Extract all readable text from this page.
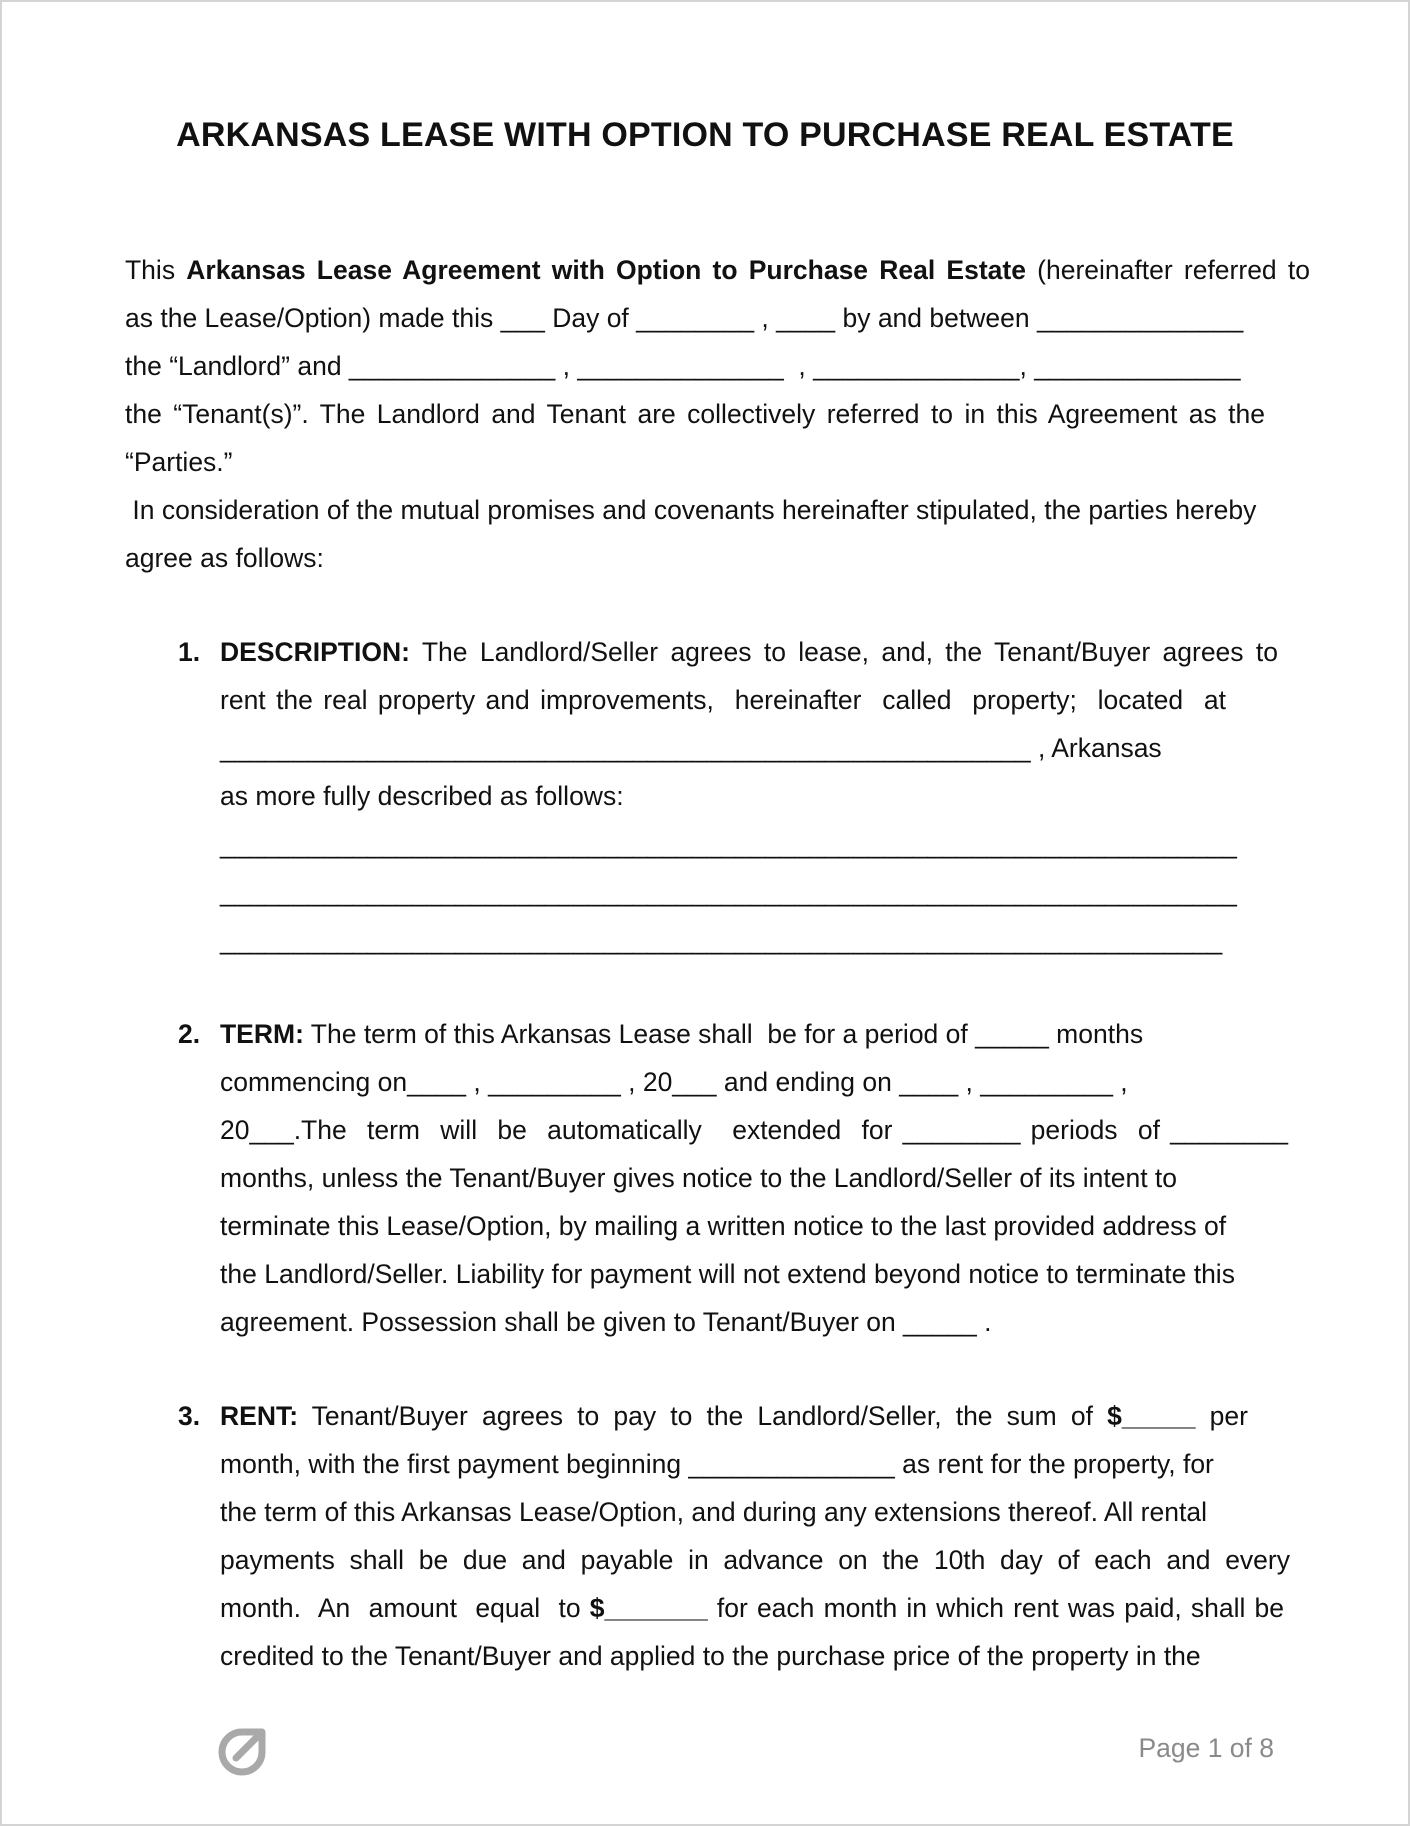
ARKANSAS LEASE WITH OPTION TO PURCHASE REAL ESTATE
This Arkansas Lease Agreement with Option to Purchase Real Estate (hereinafter referred to
as the Lease/Option) made this ___ Day of ________ , ____ by and between ______________
the “Landlord” and ______________ , ______________  , ______________, ______________
the “Tenant(s)”. The Landlord and Tenant are collectively referred to in this Agreement as the
“Parties.”
In consideration of the mutual promises and covenants hereinafter stipulated, the parties hereby
agree as follows:
1. DESCRIPTION: The Landlord/Seller agrees to lease, and, the Tenant/Buyer agrees to
rent the real property and improvements,  hereinafter  called  property;  located  at
_______________________________________________________ , Arkansas
as more fully described as follows:
_____________________________________________________________________
_____________________________________________________________________
____________________________________________________________________
2. TERM: The term of this Arkansas Lease shall  be for a period of _____ months
commencing on____ , _________ , 20___ and ending on ____ , _________ ,
20___.The  term  will  be  automatically   extended  for ________ periods  of ________
months, unless the Tenant/Buyer gives notice to the Landlord/Seller of its intent to
terminate this Lease/Option, by mailing a written notice to the last provided address of
the Landlord/Seller. Liability for payment will not extend beyond notice to terminate this
agreement. Possession shall be given to Tenant/Buyer on _____ .
3. RENT: Tenant/Buyer agrees to pay to the Landlord/Seller, the sum of $_____ per
month, with the first payment beginning ______________ as rent for the property, for
the term of this Arkansas Lease/Option, and during any extensions thereof. All rental
payments shall be due and payable in advance on the 10th day of each and every
month.  An  amount  equal  to $_______ for each month in which rent was paid, shall be
credited to the Tenant/Buyer and applied to the purchase price of the property in the
Page 1 of 8
